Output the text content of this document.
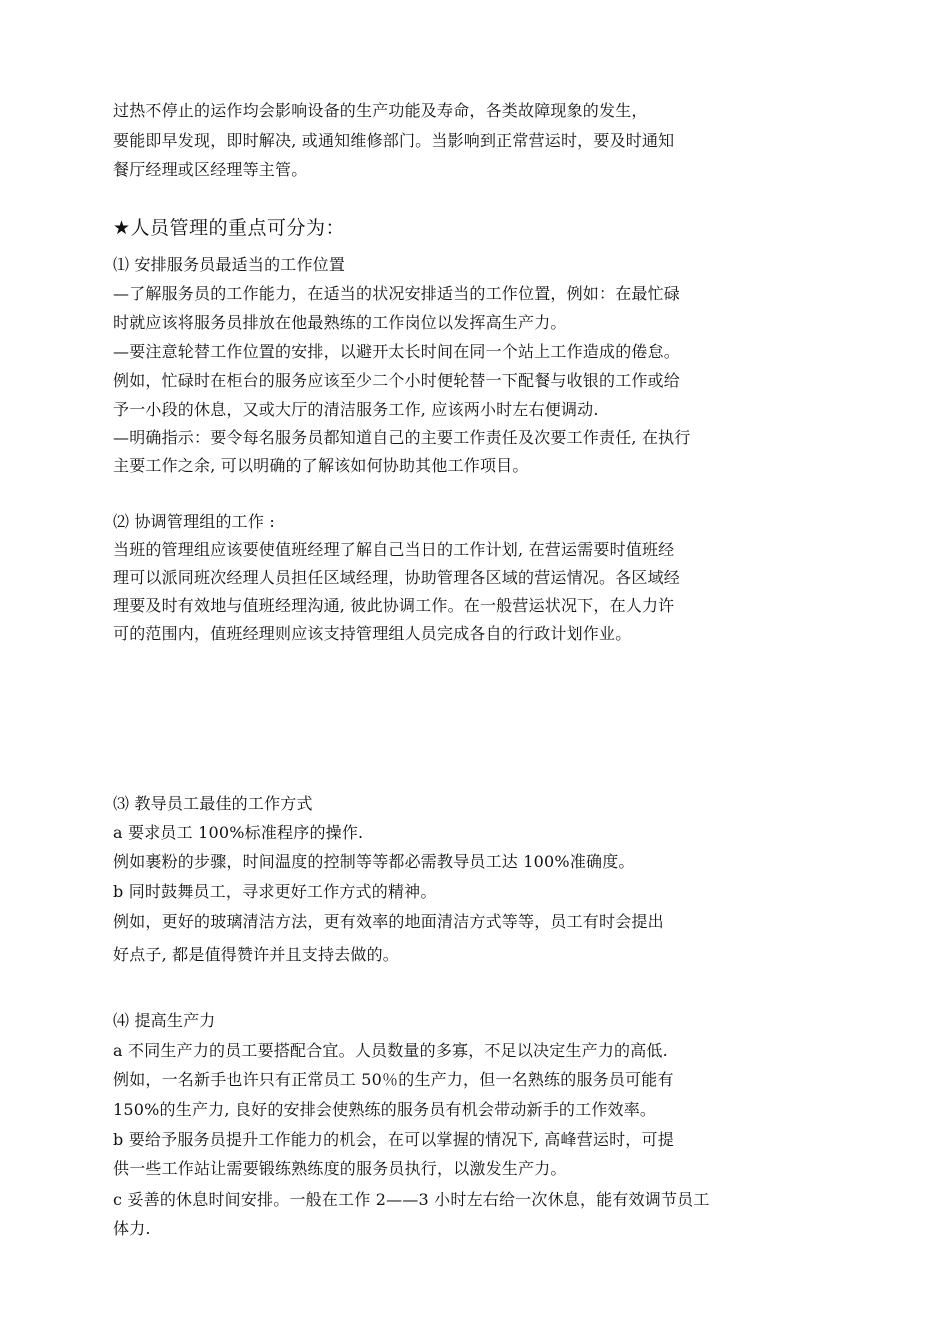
过热不停止的运作均会影响设备的生产功能及寿命，各类故障现象的发生，
要能即早发现，即时解决, 或通知维修部门。当影响到正常营运时，要及时通知
餐厅经理或区经理等主管。
★人员管理的重点可分为：
⑴ 安排服务员最适当的工作位置
—了解服务员的工作能力，在适当的状况安排适当的工作位置，例如：在最忙碌
时就应该将服务员排放在他最熟练的工作岗位以发挥高生产力。
—要注意轮替工作位置的安排，以避开太长时间在同一个站上工作造成的倦怠。
例如，忙碌时在柜台的服务应该至少二个小时便轮替一下配餐与收银的工作或给
予一小段的休息，又或大厅的清洁服务工作, 应该两小时左右便调动.
—明确指示：要令每名服务员都知道自己的主要工作责任及次要工作责任, 在执行
主要工作之余, 可以明确的了解该如何协助其他工作项目。
⑵ 协调管理组的工作 :
当班的管理组应该要使值班经理了解自己当日的工作计划, 在营运需要时值班经
理可以派同班次经理人员担任区域经理，协助管理各区域的营运情况。各区域经
理要及时有效地与值班经理沟通, 彼此协调工作。在一般营运状况下，在人力许
可的范围内，值班经理则应该支持管理组人员完成各自的行政计划作业。
⑶ 教导员工最佳的工作方式
a 要求员工 100%标准程序的操作.
例如裹粉的步骤，时间温度的控制等等都必需教导员工达 100%准确度。
b 同时鼓舞员工，寻求更好工作方式的精神。
例如，更好的玻璃清洁方法，更有效率的地面清洁方式等等，员工有时会提出
好点子, 都是值得赞许并且支持去做的。
⑷ 提高生产力
a 不同生产力的员工要搭配合宜。人员数量的多寡，不足以决定生产力的高低.
例如，一名新手也许只有正常员工 50％的生产力，但一名熟练的服务员可能有
150%的生产力, 良好的安排会使熟练的服务员有机会带动新手的工作效率。
b 要给予服务员提升工作能力的机会，在可以掌握的情况下, 高峰营运时，可提
供一些工作站让需要锻练熟练度的服务员执行，以激发生产力。
c 妥善的休息时间安排。一般在工作 2——3 小时左右给一次休息，能有效调节员工
体力.
